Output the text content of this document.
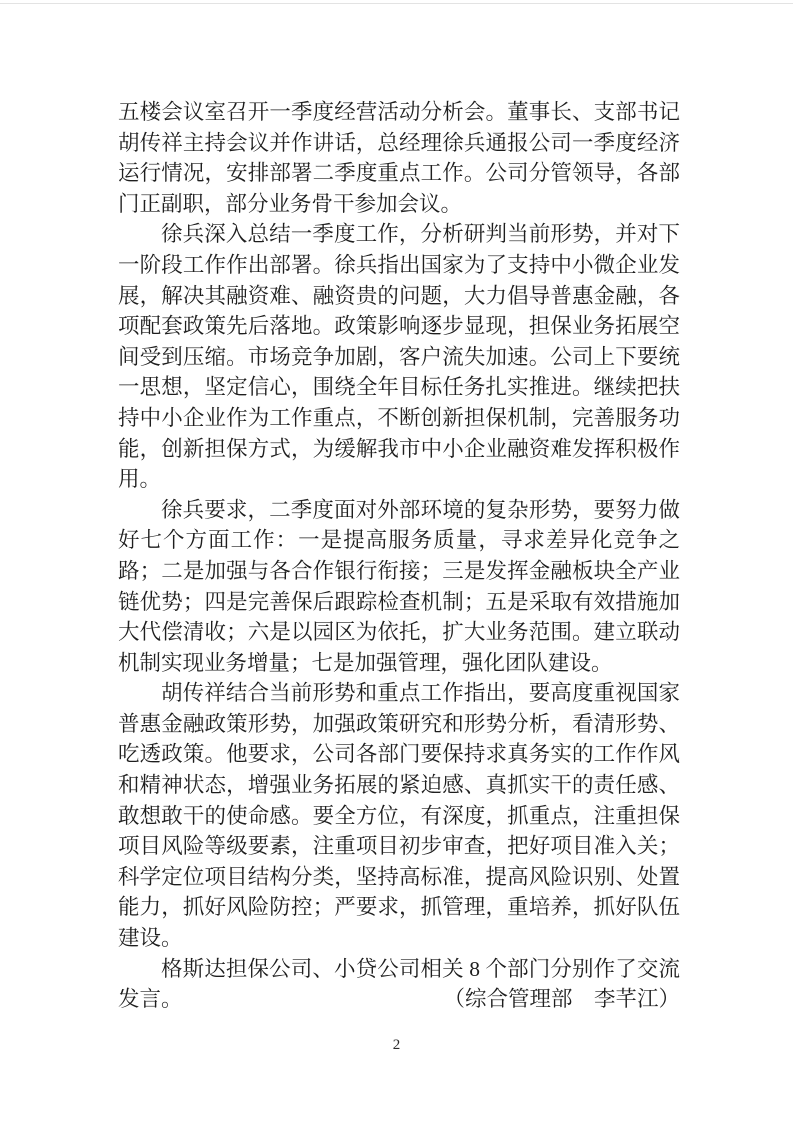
五楼会议室召开一季度经营活动分析会。董事长、支部书记胡传祥主持会议并作讲话，总经理徐兵通报公司一季度经济运行情况，安排部署二季度重点工作。公司分管领导，各部门正副职，部分业务骨干参加会议。

徐兵深入总结一季度工作，分析研判当前形势，并对下一阶段工作作出部署。徐兵指出国家为了支持中小微企业发展，解决其融资难、融资贵的问题，大力倡导普惠金融，各项配套政策先后落地。政策影响逐步显现，担保业务拓展空间受到压缩。市场竞争加剧，客户流失加速。公司上下要统一思想，坚定信心，围绕全年目标任务扎实推进。继续把扶持中小企业作为工作重点，不断创新担保机制，完善服务功能，创新担保方式，为缓解我市中小企业融资难发挥积极作用。

徐兵要求，二季度面对外部环境的复杂形势，要努力做好七个方面工作：一是提高服务质量，寻求差异化竞争之路；二是加强与各合作银行衔接；三是发挥金融板块全产业链优势；四是完善保后跟踪检查机制；五是采取有效措施加大代偿清收；六是以园区为依托，扩大业务范围。建立联动机制实现业务增量；七是加强管理，强化团队建设。

胡传祥结合当前形势和重点工作指出，要高度重视国家普惠金融政策形势，加强政策研究和形势分析，看清形势、吃透政策。他要求，公司各部门要保持求真务实的工作作风和精神状态，增强业务拓展的紧迫感、真抓实干的责任感、敢想敢干的使命感。要全方位，有深度，抓重点，注重担保项目风险等级要素，注重项目初步审查，把好项目准入关；科学定位项目结构分类，坚持高标准，提高风险识别、处置能力，抓好风险防控；严要求，抓管理，重培养，抓好队伍建设。

格斯达担保公司、小贷公司相关 8 个部门分别作了交流发言。	（综合管理部　李芊江）

2
